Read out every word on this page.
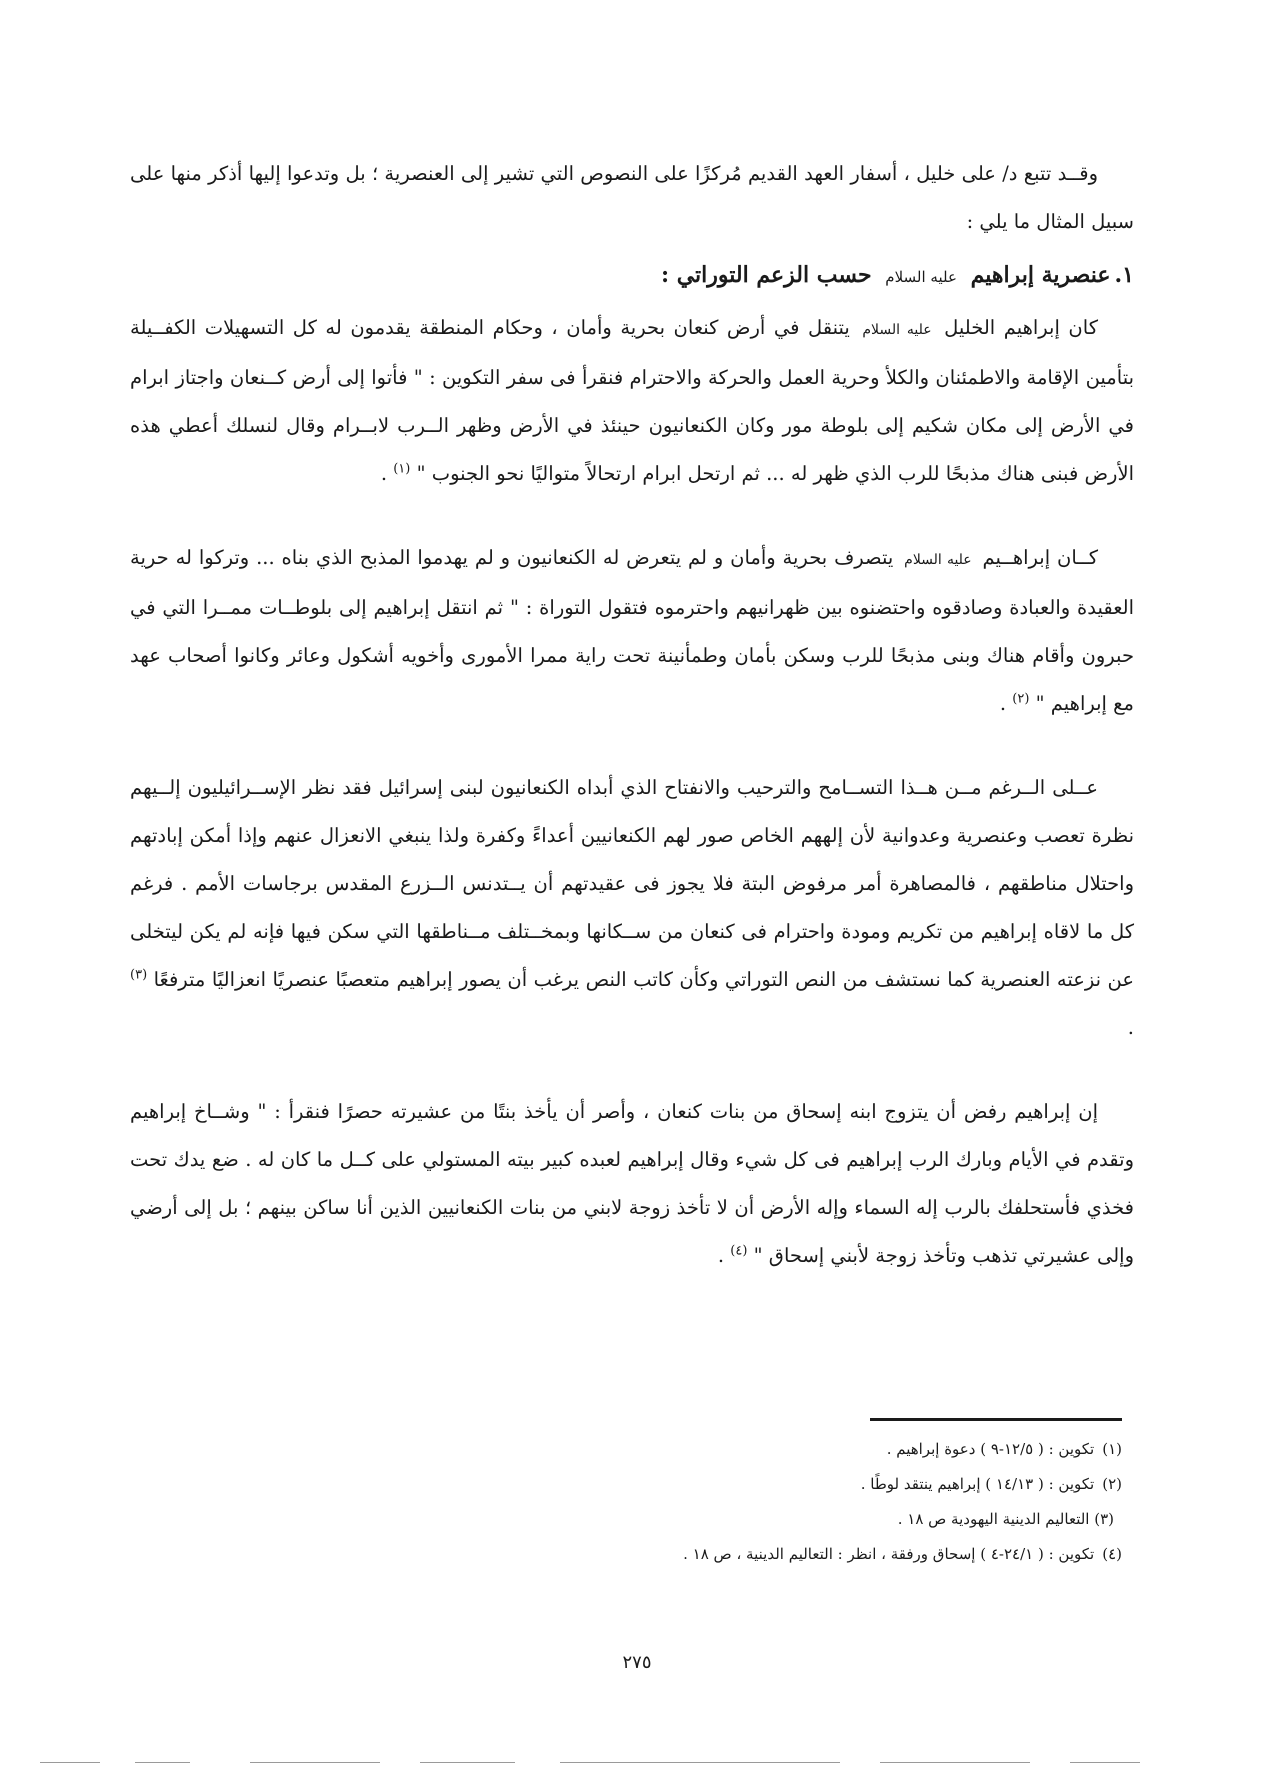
وقــد تتبع د/ على خليل ، أسفار العهد القديم مُركزًا على النصوص التي تشير إلى العنصرية ؛ بل وتدعوا إليها أذكر منها على سبيل المثال ما يلي :

١.عنصرية إبراهيم عليه السلام حسب الزعم التوراتي :

كان إبراهيم الخليل عليه السلام يتنقل في أرض كنعان بحرية وأمان ، وحكام المنطقة يقدمون له كل التسهيلات الكفــيلة بتأمين الإقامة والاطمئنان والكلأ وحرية العمل والحركة والاحترام فنقرأ فى سفر التكوين : " فأتوا إلى أرض كــنعان واجتاز ابرام في الأرض إلى مكان شكيم إلى بلوطة مور وكان الكنعانيون حينئذ في الأرض وظهر الــرب لابــرام وقال لنسلك أعطي هذه الأرض فبنى هناك مذبحًا للرب الذي ظهر له ... ثم ارتحل ابرام ارتحالاً متواليًا نحو الجنوب " $^{(١)}$ .

كــان إبراهــيم عليه السلام يتصرف بحرية وأمان و لم يتعرض له الكنعانيون و لم يهدموا المذبح الذي بناه ... وتركوا له حرية العقيدة والعبادة وصادقوه واحتضنوه بين ظهرانيهم واحترموه فتقول التوراة : " ثم انتقل إبراهيم إلى بلوطــات ممــرا التي في حبرون وأقام هناك وبنى مذبحًا للرب وسكن بأمان وطمأنينة تحت راية ممرا الأمورى وأخويه أشكول وعائر وكانوا أصحاب عهد مع إبراهيم " $^{(٢)}$ .

عــلى الــرغم مــن هــذا التســامح والترحيب والانفتاح الذي أبداه الكنعانيون لبنى إسرائيل فقد نظر الإســرائيليون إلــيهم نظرة تعصب وعنصرية وعدوانية لأن إلههم الخاص صور لهم الكنعانيين أعداءً وكفرة ولذا ينبغي الانعزال عنهم وإذا أمكن إبادتهم واحتلال مناطقهم ، فالمصاهرة أمر مرفوض البتة فلا يجوز فى عقيدتهم أن يــتدنس الــزرع المقدس برجاسات الأمم . فرغم كل ما لاقاه إبراهيم من تكريم ومودة واحترام فى كنعان من ســكانها وبمخــتلف مــناطقها التي سكن فيها فإنه لم يكن ليتخلى عن نزعته العنصرية كما نستشف من النص التوراتي وكأن كاتب النص يرغب أن يصور إبراهيم متعصبًا عنصريًا انعزاليًا مترفعًا $^{(٣)}$ .

إن إبراهيم رفض أن يتزوج ابنه إسحاق من بنات كنعان ، وأصر أن يأخذ بنتًا من عشيرته حصرًا فنقرأ : " وشــاخ إبراهيم وتقدم في الأيام وبارك الرب إبراهيم فى كل شيء وقال إبراهيم لعبده كبير بيته المستولي على كــل ما كان له . ضع يدك تحت فخذي فأستحلفك بالرب إله السماء وإله الأرض أن لا تأخذ زوجة لابني من بنات الكنعانيين الذين أنا ساكن بينهم ؛ بل إلى أرضي وإلى عشيرتي تذهب وتأخذ زوجة لأبني إسحاق " $^{(٤)}$ .

(١)تكوين : ( ١٢/٥-٩ ) دعوة إبراهيم .

(٢)تكوين : ( ١٤/١٣ ) إبراهيم ينتقد لوطًا .

(٣) التعاليم الدينية اليهودية ص ١٨ .

(٤)تكوين : ( ٢٤/١-٤ ) إسحاق ورفقة ، انظر : التعاليم الدينية ، ص ١٨ .

٢٧٥
